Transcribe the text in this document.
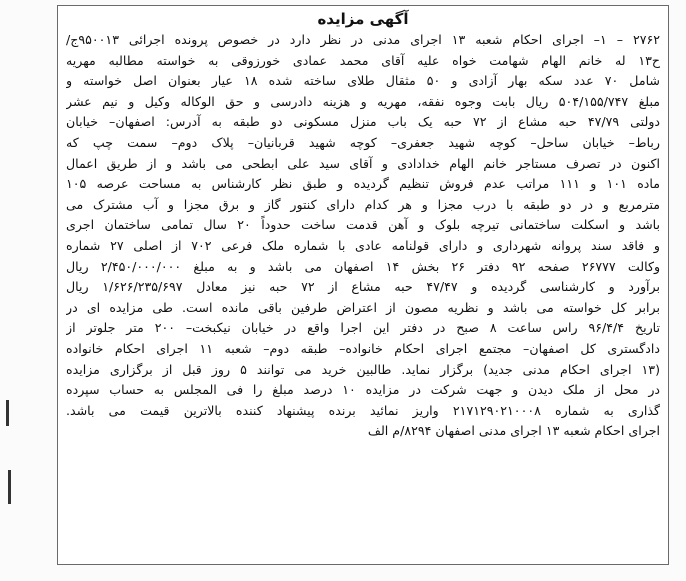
آگهی مزایده
۲۷۶۲ – ۱– اجرای احکام شعبه ۱۳ اجرای مدنی در نظر دارد در خصوص پرونده اجرائی ۹۵۰۰۱۳ج/
ح۱۳ له خانم الهام شهامت خواه علیه آقای محمد عمادی خورزوقی به خواسته مطالبه مهریه
شامل ۷۰ عدد سکه بهار آزادی و ۵۰ مثقال طلای ساخته شده ۱۸ عیار بعنوان اصل خواسته و
مبلغ ۵۰۴/۱۵۵/۷۴۷ ریال بابت وجوه نفقه، مهریه و هزینه دادرسی و حق الوکاله وکیل و نیم عشر
دولتی ۴۷/۷۹ حبه مشاع از ۷۲ حبه یک باب منزل مسکونی دو طبقه به آدرس: اصفهان– خیابان
رباط– خیابان ساحل– کوچه شهید جعفری– کوچه شهید قربانیان– پلاک دوم– سمت چپ که
اکنون در تصرف مستاجر خانم الهام خدادادی و آقای سید علی ابطحی می باشد و از طریق اعمال
ماده ۱۰۱ و ۱۱۱ مراتب عدم فروش تنظیم گردیده و طبق نظر کارشناس به مساحت عرصه ۱۰۵
مترمربع و در دو طبقه با درب مجزا و هر کدام دارای کنتور گاز و برق مجزا و آب مشترک می
باشد و اسکلت ساختمانی تیرچه بلوک و آهن قدمت ساخت حدوداً ۲۰ سال تمامی ساختمان اجری
و فاقد سند پروانه شهرداری و دارای قولنامه عادی با شماره ملک فرعی ۷۰۲ از اصلی ۲۷ شماره
وکالت ۲۶۷۷۷ صفحه ۹۲ دفتر ۲۶ بخش ۱۴ اصفهان می باشد و به مبلغ ۲/۴۵۰/۰۰۰/۰۰۰ ریال
برآورد و کارشناسی گردیده و ۴۷/۴۷ حبه مشاع از ۷۲ حبه نیز معادل ۱/۶۲۶/۲۳۵/۶۹۷ ریال
برابر کل خواسته می باشد و نظریه مصون از اعتراض طرفین باقی مانده است. طی مزایده ای در
تاریخ ۹۶/۴/۴ راس ساعت ۸ صبح در دفتر این اجرا واقع در خیابان نیکبخت– ۲۰۰ متر جلوتر از
دادگستری کل اصفهان– مجتمع اجرای احکام خانواده– طبقه دوم– شعبه ۱۱ اجرای احکام خانواده
(۱۳ اجرای احکام مدنی جدید) برگزار نماید. طالبین خرید می توانند ۵ روز قبل از برگزاری مزایده
در محل از ملک دیدن و جهت شرکت در مزایده ۱۰ درصد مبلغ را فی المجلس به حساب سپرده
گذاری به شماره ۲۱۷۱۲۹۰۲۱۰۰۰۸ واریز نمائید برنده پیشنهاد کننده بالاترین قیمت می باشد.
اجرای احکام شعبه ۱۳ اجرای مدنی اصفهان ۸۲۹۴/م الف
